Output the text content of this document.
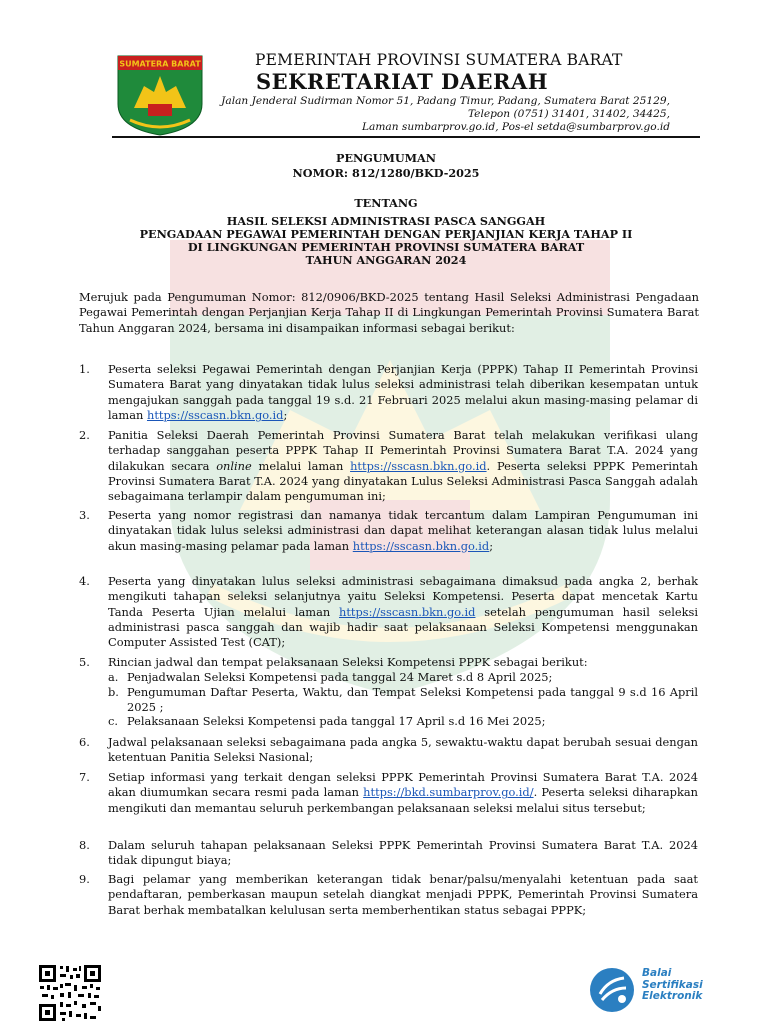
SUMATERA BARAT	PEMERINTAH PROVINSI SUMATERA BARAT
SEKRETARIAT DAERAH
Jalan Jenderal Sudirman Nomor 51, Padang Timur, Padang, Sumatera Barat 25129,
Telepon (0751) 31401, 31402, 34425,
Laman sumbarprov.go.id, Pos-el setda@sumbarprov.go.id
PENGUMUMAN
NOMOR: 812/1280/BKD-2025
TENTANG
HASIL SELEKSI ADMINISTRASI PASCA SANGGAH
PENGADAAN PEGAWAI PEMERINTAH DENGAN PERJANJIAN KERJA TAHAP II
DI LINGKUNGAN PEMERINTAH PROVINSI SUMATERA BARAT
TAHUN ANGGARAN 2024
Merujuk pada Pengumuman Nomor: 812/0906/BKD-2025 tentang Hasil Seleksi Administrasi Pengadaan Pegawai Pemerintah dengan Perjanjian Kerja Tahap II di Lingkungan Pemerintah Provinsi Sumatera Barat Tahun Anggaran 2024, bersama ini disampaikan informasi sebagai berikut:
1. Peserta seleksi Pegawai Pemerintah dengan Perjanjian Kerja (PPPK) Tahap II Pemerintah Provinsi Sumatera Barat yang dinyatakan tidak lulus seleksi administrasi telah diberikan kesempatan untuk mengajukan sanggah pada tanggal 19 s.d. 21 Februari 2025 melalui akun masing-masing pelamar di laman https://sscasn.bkn.go.id;
2. Panitia Seleksi Daerah Pemerintah Provinsi Sumatera Barat telah melakukan verifikasi ulang terhadap sanggahan peserta PPPK Tahap II Pemerintah Provinsi Sumatera Barat T.A. 2024 yang dilakukan secara online melalui laman https://sscasn.bkn.go.id. Peserta seleksi PPPK Pemerintah Provinsi Sumatera Barat T.A. 2024 yang dinyatakan Lulus Seleksi Administrasi Pasca Sanggah adalah sebagaimana terlampir dalam pengumuman ini;
3. Peserta yang nomor registrasi dan namanya tidak tercantum dalam Lampiran Pengumuman ini dinyatakan tidak lulus seleksi administrasi dan dapat melihat keterangan alasan tidak lulus melalui akun masing-masing pelamar pada laman https://sscasn.bkn.go.id;
4. Peserta yang dinyatakan lulus seleksi administrasi sebagaimana dimaksud pada angka 2, berhak mengikuti tahapan seleksi selanjutnya yaitu Seleksi Kompetensi. Peserta dapat mencetak Kartu Tanda Peserta Ujian melalui laman https://sscasn.bkn.go.id setelah pengumuman hasil seleksi administrasi pasca sanggah dan wajib hadir saat pelaksanaan Seleksi Kompetensi menggunakan Computer Assisted Test (CAT);
5. Rincian jadwal dan tempat pelaksanaan Seleksi Kompetensi PPPK sebagai berikut:
a. Penjadwalan Seleksi Kompetensi pada tanggal 24 Maret s.d 8 April 2025;
b. Pengumuman Daftar Peserta, Waktu, dan Tempat Seleksi Kompetensi pada tanggal 9 s.d 16 April 2025 ;
c. Pelaksanaan Seleksi Kompetensi pada tanggal 17 April s.d 16 Mei 2025;
6. Jadwal pelaksanaan seleksi sebagaimana pada angka 5, sewaktu-waktu dapat berubah sesuai dengan ketentuan Panitia Seleksi Nasional;
7. Setiap informasi yang terkait dengan seleksi PPPK Pemerintah Provinsi Sumatera Barat T.A. 2024 akan diumumkan secara resmi pada laman https://bkd.sumbarprov.go.id/. Peserta seleksi diharapkan mengikuti dan memantau seluruh perkembangan pelaksanaan seleksi melalui situs tersebut;
8. Dalam seluruh tahapan pelaksanaan Seleksi PPPK Pemerintah Provinsi Sumatera Barat T.A. 2024 tidak dipungut biaya;
9. Bagi pelamar yang memberikan keterangan tidak benar/palsu/menyalahi ketentuan pada saat pendaftaran, pemberkasan maupun setelah diangkat menjadi PPPK, Pemerintah Provinsi Sumatera Barat berhak membatalkan kelulusan serta memberhentikan status sebagai PPPK;
Balai
Sertifikasi
Elektronik
